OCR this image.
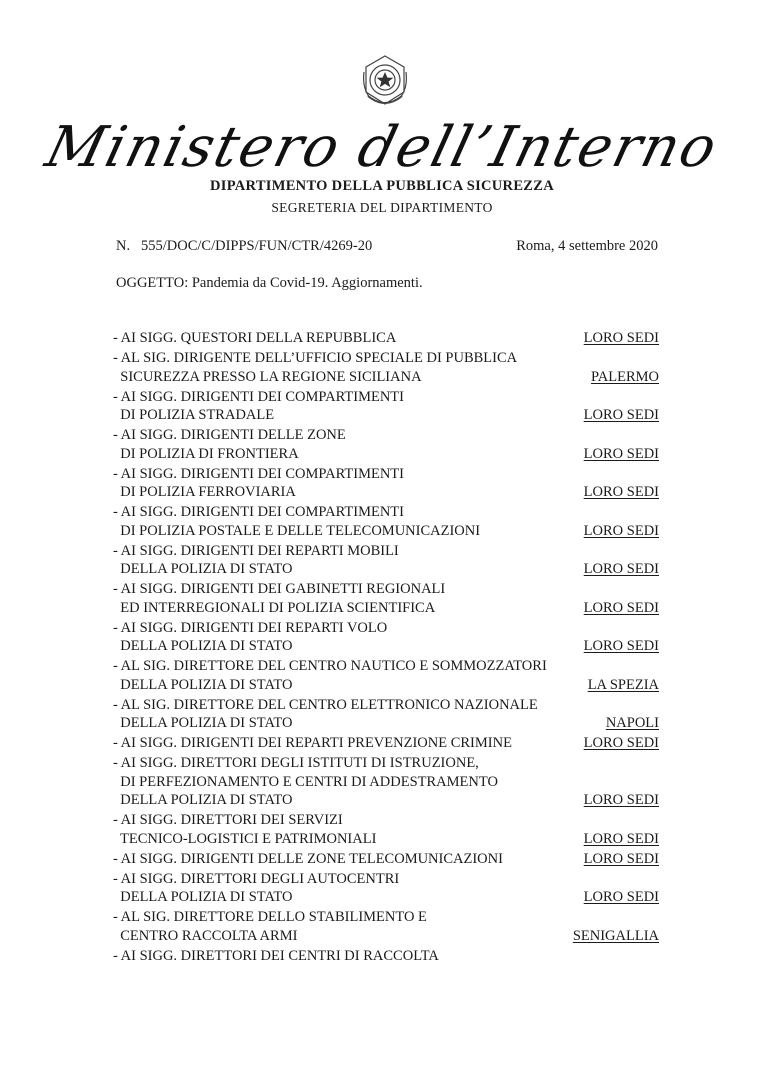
Ministero dell’Interno
DIPARTIMENTO DELLA PUBBLICA SICUREZZA
SEGRETERIA DEL DIPARTIMENTO
N.   555/DOC/C/DIPPS/FUN/CTR/4269-20	Roma, 4 settembre 2020
OGGETTO: Pandemia da Covid-19. Aggiornamenti.
- AI SIGG. QUESTORI DELLA REPUBBLICA	LORO SEDI
- AL SIG. DIRIGENTE DELL’UFFICIO SPECIALE DI PUBBLICA
SICUREZZA PRESSO LA REGIONE SICILIANA	PALERMO
- AI SIGG. DIRIGENTI DEI COMPARTIMENTI
DI POLIZIA STRADALE	LORO SEDI
- AI SIGG. DIRIGENTI DELLE ZONE
DI POLIZIA DI FRONTIERA	LORO SEDI
- AI SIGG. DIRIGENTI DEI COMPARTIMENTI
DI POLIZIA FERROVIARIA	LORO SEDI
- AI SIGG. DIRIGENTI DEI COMPARTIMENTI
DI POLIZIA POSTALE E DELLE TELECOMUNICAZIONI	LORO SEDI
- AI SIGG. DIRIGENTI DEI REPARTI MOBILI
DELLA POLIZIA DI STATO	LORO SEDI
- AI SIGG. DIRIGENTI DEI GABINETTI REGIONALI
ED INTERREGIONALI DI POLIZIA SCIENTIFICA	LORO SEDI
- AI SIGG. DIRIGENTI DEI REPARTI VOLO
DELLA POLIZIA DI STATO	LORO SEDI
- AL SIG. DIRETTORE DEL CENTRO NAUTICO E SOMMOZZATORI
DELLA POLIZIA DI STATO	LA SPEZIA
- AL SIG. DIRETTORE DEL CENTRO ELETTRONICO NAZIONALE
DELLA POLIZIA DI STATO	NAPOLI
- AI SIGG. DIRIGENTI DEI REPARTI PREVENZIONE CRIMINE	LORO SEDI
- AI SIGG. DIRETTORI DEGLI ISTITUTI DI ISTRUZIONE,
DI PERFEZIONAMENTO E CENTRI DI ADDESTRAMENTO
DELLA POLIZIA DI STATO	LORO SEDI
- AI SIGG. DIRETTORI DEI SERVIZI
TECNICO-LOGISTICI E PATRIMONIALI	LORO SEDI
- AI SIGG. DIRIGENTI DELLE ZONE TELECOMUNICAZIONI	LORO SEDI
- AI SIGG. DIRETTORI DEGLI AUTOCENTRI
DELLA POLIZIA DI STATO	LORO SEDI
- AL SIG. DIRETTORE DELLO STABILIMENTO E
CENTRO RACCOLTA ARMI	SENIGALLIA
- AI SIGG. DIRETTORI DEI CENTRI DI RACCOLTA
